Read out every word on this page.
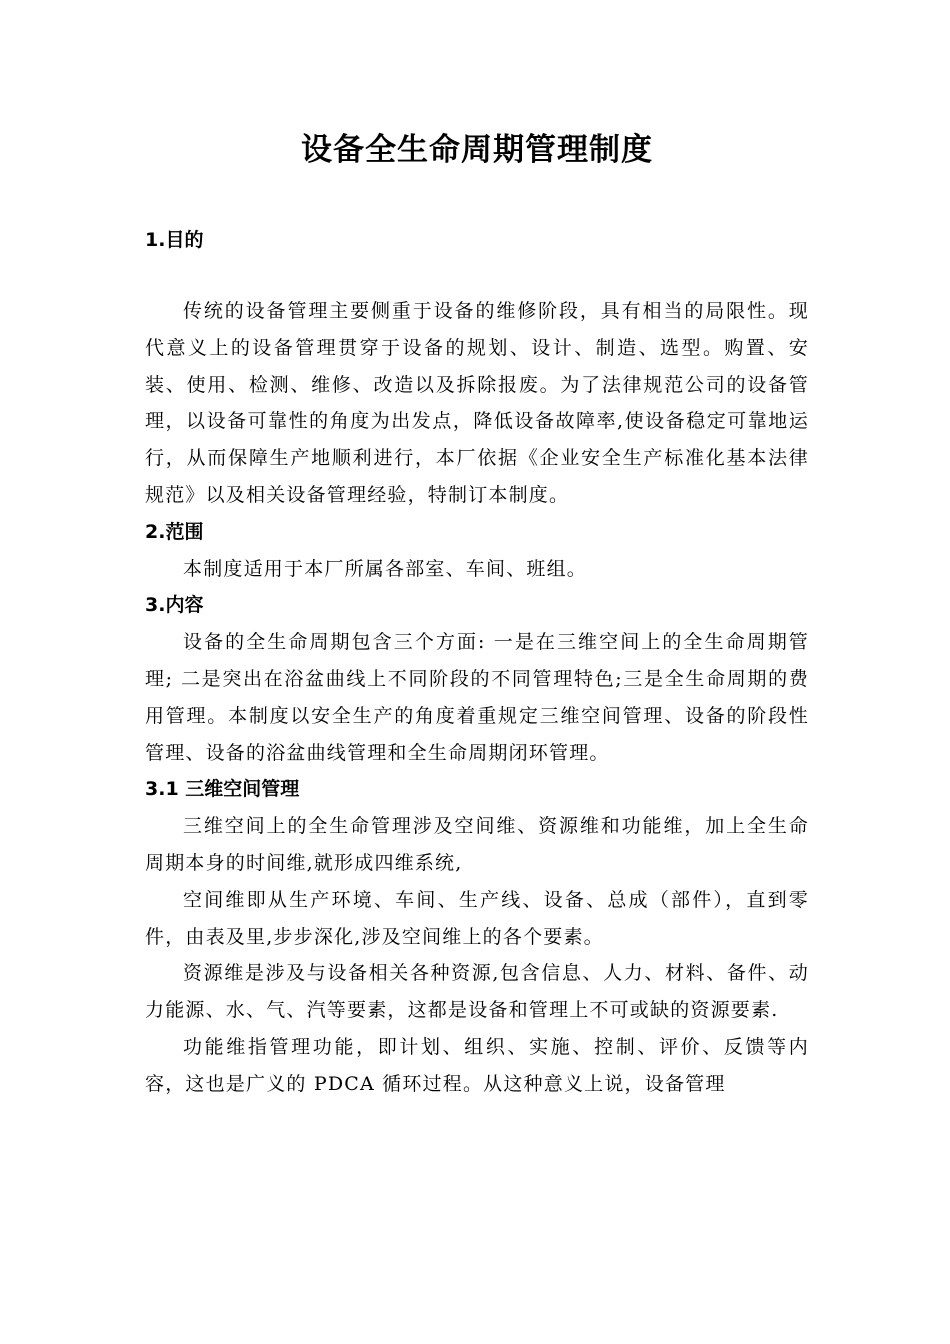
设备全生命周期管理制度
1.目的

传统的设备管理主要侧重于设备的维修阶段，具有相当的局限性。现代意义上的设备管理贯穿于设备的规划、设计、制造、选型。购置、安装、使用、检测、维修、改造以及拆除报废。为了法律规范公司的设备管理，以设备可靠性的角度为出发点，降低设备故障率,使设备稳定可靠地运行，从而保障生产地顺利进行，本厂依据《企业安全生产标准化基本法律规范》以及相关设备管理经验，特制订本制度。

2.范围

本制度适用于本厂所属各部室、车间、班组。

3.内容

设备的全生命周期包含三个方面: 一是在三维空间上的全生命周期管理; 二是突出在浴盆曲线上不同阶段的不同管理特色;三是全生命周期的费用管理。本制度以安全生产的角度着重规定三维空间管理、设备的阶段性管理、设备的浴盆曲线管理和全生命周期闭环管理。

3.1 三维空间管理

三维空间上的全生命管理涉及空间维、资源维和功能维，加上全生命周期本身的时间维,就形成四维系统,

空间维即从生产环境、车间、生产线、设备、总成（部件），直到零件，由表及里,步步深化,涉及空间维上的各个要素。

资源维是涉及与设备相关各种资源,包含信息、人力、材料、备件、动力能源、水、气、汽等要素，这都是设备和管理上不可或缺的资源要素.

功能维指管理功能，即计划、组织、实施、控制、评价、反馈等内容，这也是广义的 PDCA 循环过程。从这种意义上说，设备管理
